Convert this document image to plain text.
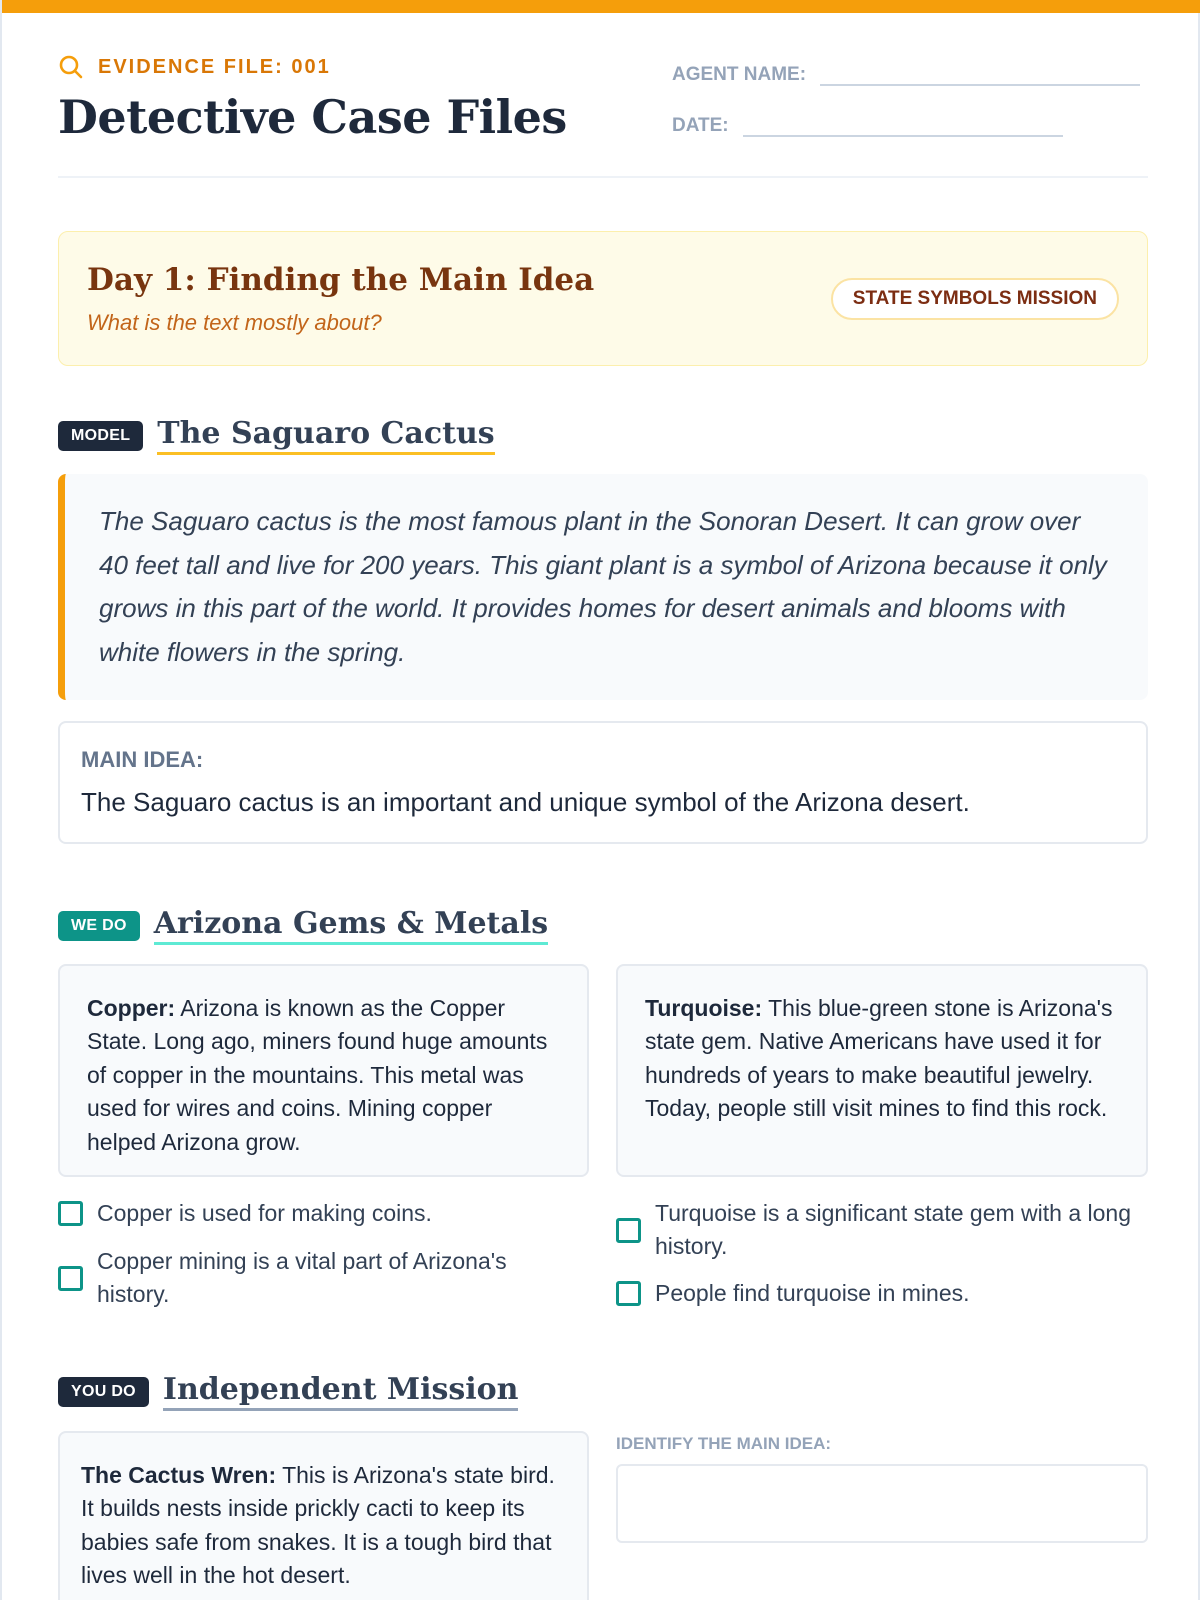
EVIDENCE FILE: 001
Detective Case Files
AGENT NAME:
DATE:
Day 1: Finding the Main Idea
What is the text mostly about?
STATE SYMBOLS MISSION
MODEL The Saguaro Cactus
The Saguaro cactus is the most famous plant in the Sonoran Desert. It can grow over 40 feet tall and live for 200 years. This giant plant is a symbol of Arizona because it only grows in this part of the world. It provides homes for desert animals and blooms with white flowers in the spring.
MAIN IDEA:
The Saguaro cactus is an important and unique symbol of the Arizona desert.
WE DO Arizona Gems & Metals
Copper: Arizona is known as the Copper State. Long ago, miners found huge amounts of copper in the mountains. This metal was used for wires and coins. Mining copper helped Arizona grow.
Turquoise: This blue-green stone is Arizona's state gem. Native Americans have used it for hundreds of years to make beautiful jewelry. Today, people still visit mines to find this rock.
Copper is used for making coins.
Copper mining is a vital part of Arizona's history.
Turquoise is a significant state gem with a long history.
People find turquoise in mines.
YOU DO Independent Mission
The Cactus Wren: This is Arizona's state bird. It builds nests inside prickly cacti to keep its babies safe from snakes. It is a tough bird that lives well in the hot desert.
IDENTIFY THE MAIN IDEA:
